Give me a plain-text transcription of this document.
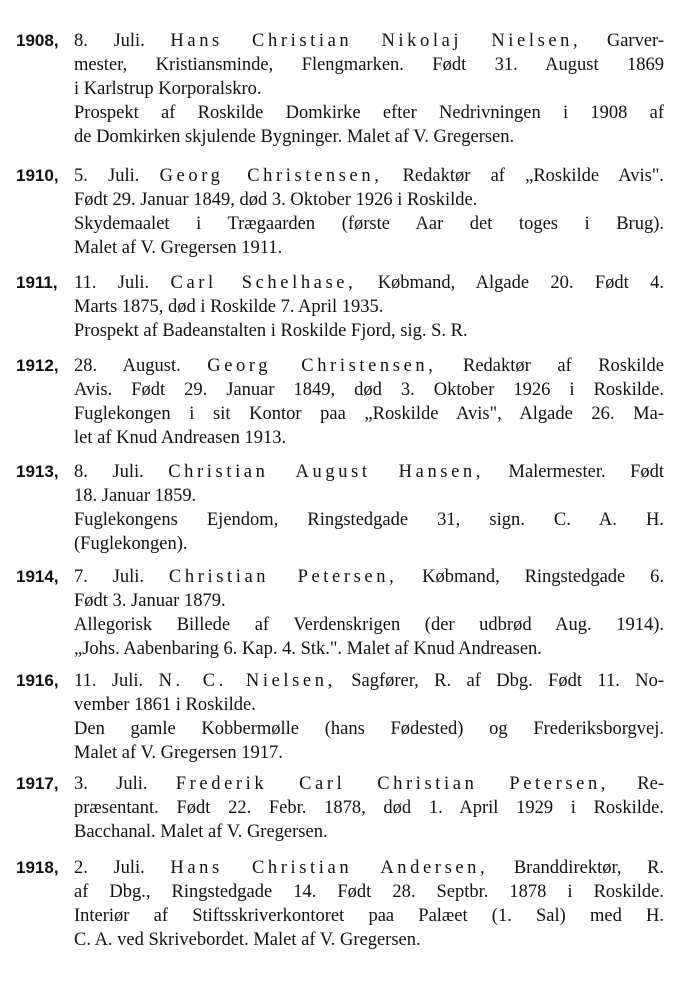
1908, 8. Juli. Hans Christian Nikolaj Nielsen, Garver-
mester, Kristiansminde, Flengmarken. Født 31. August 1869
i Karlstrup Korporalskro.
Prospekt af Roskilde Domkirke efter Nedrivningen i 1908 af
de Domkirken skjulende Bygninger. Malet af V. Gregersen.
1910, 5. Juli. Georg Christensen, Redaktør af „Roskilde Avis".
Født 29. Januar 1849, død 3. Oktober 1926 i Roskilde.
Skydemaalet i Trægaarden (første Aar det toges i Brug).
Malet af V. Gregersen 1911.
1911, 11. Juli. Carl Schelhase, Købmand, Algade 20. Født 4.
Marts 1875, død i Roskilde 7. April 1935.
Prospekt af Badeanstalten i Roskilde Fjord, sig. S. R.
1912, 28. August. Georg Christensen, Redaktør af Roskilde
Avis. Født 29. Januar 1849, død 3. Oktober 1926 i Roskilde.
Fuglekongen i sit Kontor paa „Roskilde Avis", Algade 26. Ma-
let af Knud Andreasen 1913.
1913, 8. Juli. Christian August Hansen, Malermester. Født
18. Januar 1859.
Fuglekongens Ejendom, Ringstedgade 31, sign. C. A. H.
(Fuglekongen).
1914, 7. Juli. Christian Petersen, Købmand, Ringstedgade 6.
Født 3. Januar 1879.
Allegorisk Billede af Verdenskrigen (der udbrød Aug. 1914).
„Johs. Aabenbaring 6. Kap. 4. Stk.". Malet af Knud Andreasen.
1916, 11. Juli. N. C. Nielsen, Sagfører, R. af Dbg. Født 11. No-
vember 1861 i Roskilde.
Den gamle Kobbermølle (hans Fødested) og Frederiksborgvej.
Malet af V. Gregersen 1917.
1917, 3. Juli. Frederik Carl Christian Petersen, Re-
præsentant. Født 22. Febr. 1878, død 1. April 1929 i Roskilde.
Bacchanal. Malet af V. Gregersen.
1918, 2. Juli. Hans Christian Andersen, Branddirektør, R.
af Dbg., Ringstedgade 14. Født 28. Septbr. 1878 i Roskilde.
Interiør af Stiftsskriverkontoret paa Palæet (1. Sal) med H.
C. A. ved Skrivebordet. Malet af V. Gregersen.
